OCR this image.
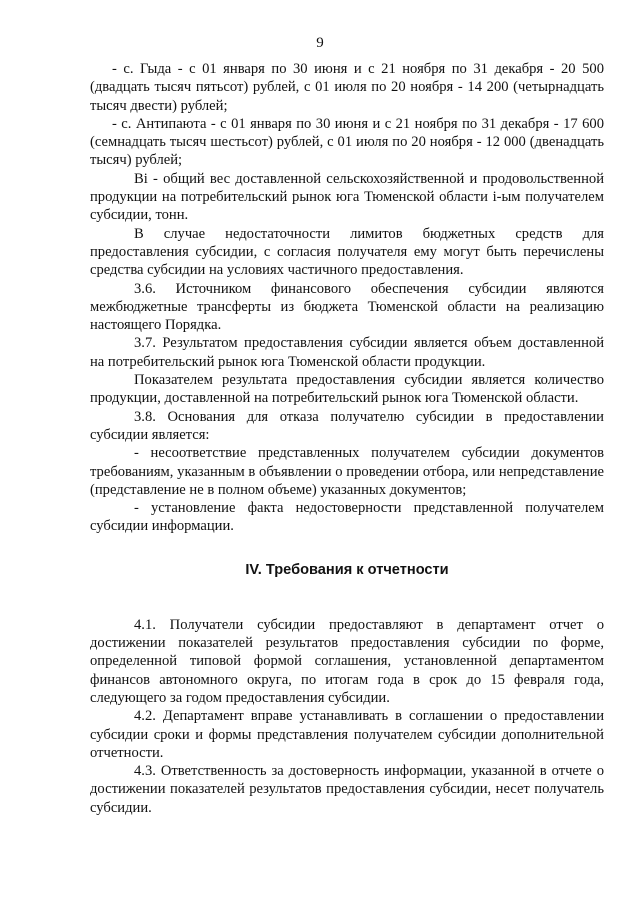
9

- с. Гыда - с 01 января по 30 июня и с 21 ноября по 31 декабря - 20 500 (двадцать тысяч пятьсот) рублей, с 01 июля по 20 ноября - 14 200 (четырнадцать тысяч двести) рублей;

- с. Антипаюта - с 01 января по 30 июня и с 21 ноября по 31 декабря - 17 600 (семнадцать тысяч шестьсот) рублей, с 01 июля по 20 ноября - 12 000 (двенадцать тысяч) рублей;

Вi - общий вес доставленной сельскохозяйственной и продовольственной продукции на потребительский рынок юга Тюменской области i-ым получателем субсидии, тонн.

В случае недостаточности лимитов бюджетных средств для предоставления субсидии, с согласия получателя ему могут быть перечислены средства субсидии на условиях частичного предоставления.

3.6. Источником финансового обеспечения субсидии являются межбюджетные трансферты из бюджета Тюменской области на реализацию настоящего Порядка.

3.7. Результатом предоставления субсидии является объем доставленной на потребительский рынок юга Тюменской области продукции.

Показателем результата предоставления субсидии является количество продукции, доставленной на потребительский рынок юга Тюменской области.

3.8. Основания для отказа получателю субсидии в предоставлении субсидии является:

- несоответствие представленных получателем субсидии документов требованиям, указанным в объявлении о проведении отбора, или непредставление (представление не в полном объеме) указанных документов;

- установление факта недостоверности представленной получателем субсидии информации.

IV. Требования к отчетности

4.1. Получатели субсидии предоставляют в департамент отчет о достижении показателей результатов предоставления субсидии по форме, определенной типовой формой соглашения, установленной департаментом финансов автономного округа, по итогам года в срок до 15 февраля года, следующего за годом предоставления субсидии.

4.2. Департамент вправе устанавливать в соглашении о предоставлении субсидии сроки и формы представления получателем субсидии дополнительной отчетности.

4.3. Ответственность за достоверность информации, указанной в отчете о достижении показателей результатов предоставления субсидии, несет получатель субсидии.
